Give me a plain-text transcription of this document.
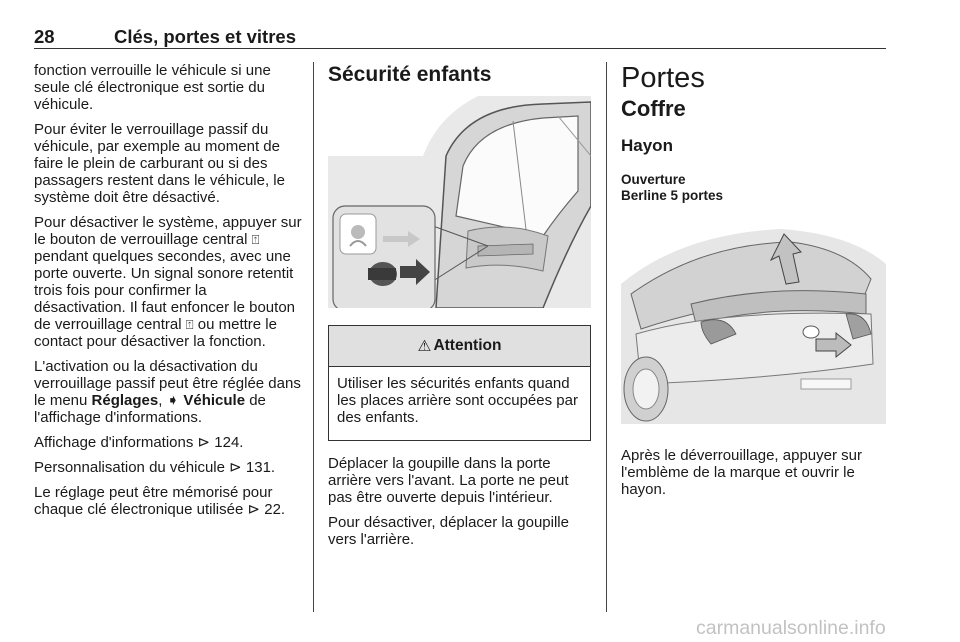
28	Clés, portes et vitres

fonction verrouille le véhicule si une seule clé électronique est sortie du véhicule.

Pour éviter le verrouillage passif du véhicule, par exemple au moment de faire le plein de carburant ou si des passagers restent dans le véhicule, le système doit être désactivé.

Pour désactiver le système, appuyer sur le bouton de verrouillage central ⍐ pendant quelques secondes, avec une porte ouverte. Un signal sonore retentit trois fois pour confirmer la désactivation. Il faut enfoncer le bouton de verrouillage central ⍐ ou mettre le contact pour désactiver la fonction.

L'activation ou la désactivation du verrouillage passif peut être réglée dans le menu Réglages, ➧ Véhicule de l'affichage d'informations.

Affichage d'informations ⊳ 124.

Personnalisation du véhicule ⊳ 131.

Le réglage peut être mémorisé pour chaque clé électronique utilisée ⊳ 22.

Sécurité enfants
⚠ Attention

Utiliser les sécurités enfants quand les places arrière sont occupées par des enfants.

Déplacer la goupille dans la porte arrière vers l'avant. La porte ne peut pas être ouverte depuis l'intérieur.

Pour désactiver, déplacer la goupille vers l'arrière.

Portes
Coffre
Hayon
Ouverture
Berline 5 portes

Après le déverrouillage, appuyer sur l'emblème de la marque et ouvrir le hayon.

carmanualsonline.info
